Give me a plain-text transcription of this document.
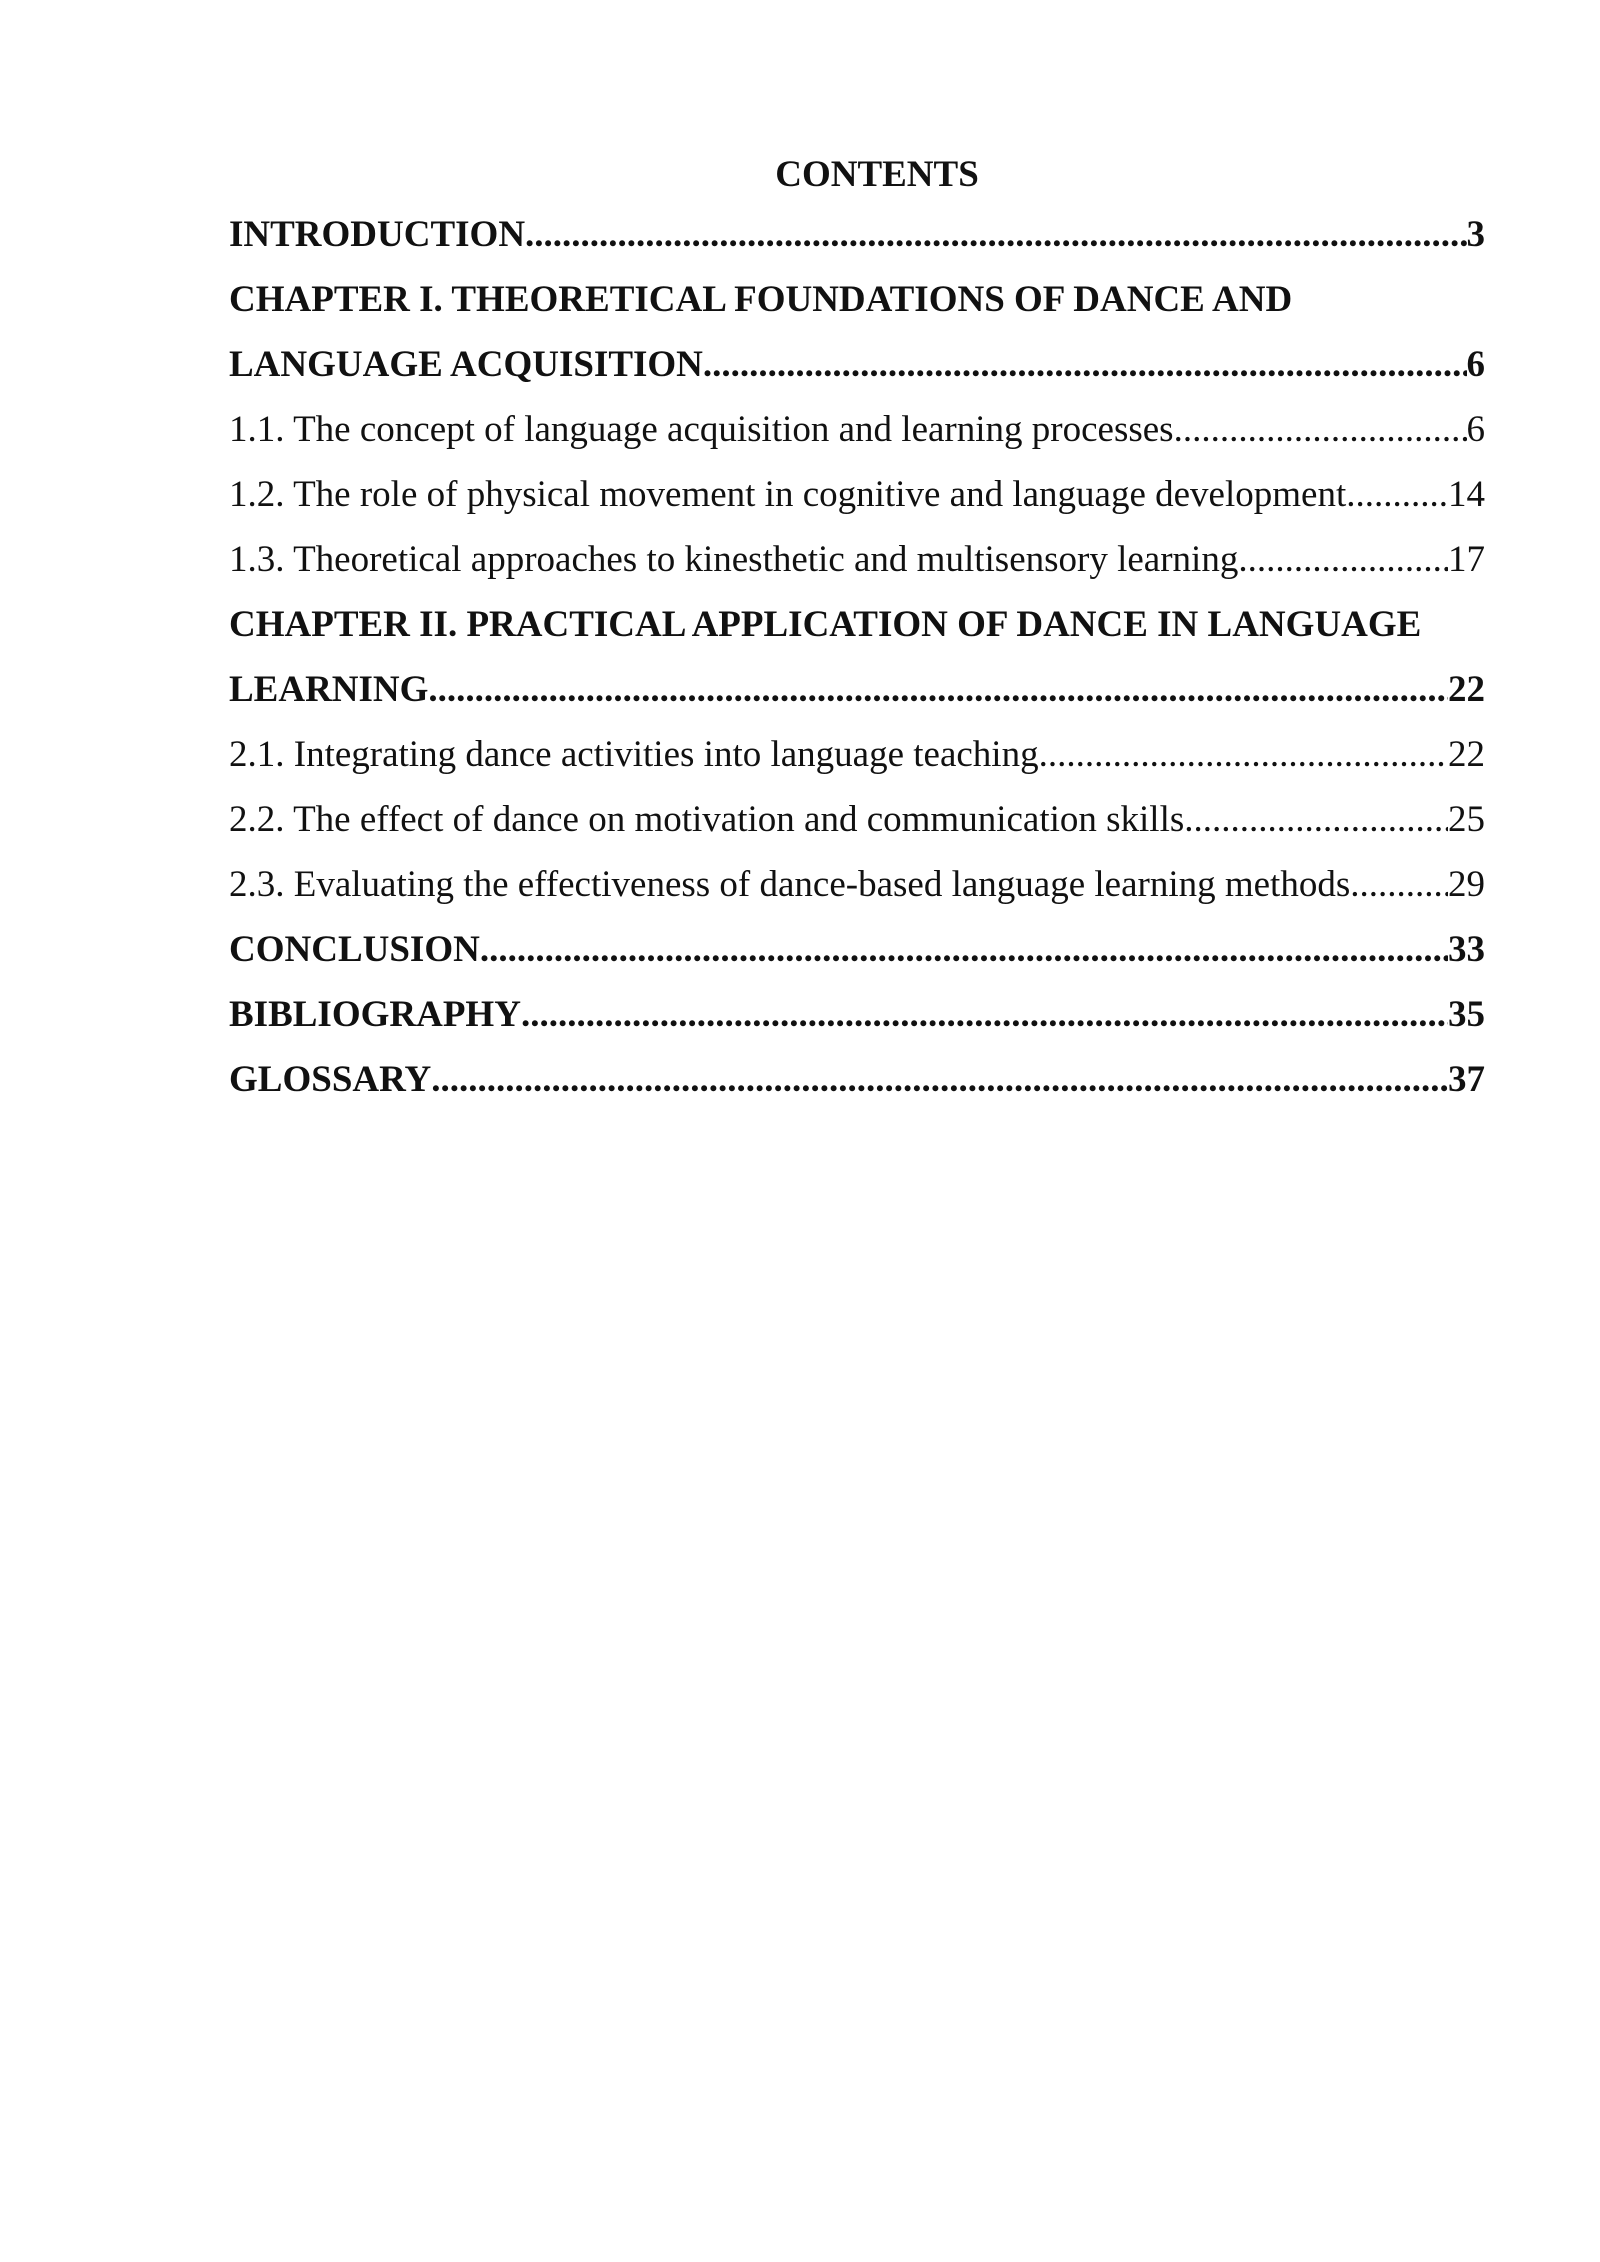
CONTENTS
INTRODUCTION .....	3
CHAPTER I. THEORETICAL FOUNDATIONS OF DANCE AND
LANGUAGE ACQUISITION .....	6
1.1. The concept of language acquisition and learning processes .....	6
1.2. The role of physical movement in cognitive and language development .....	14
1.3. Theoretical approaches to kinesthetic and multisensory learning .....	17
CHAPTER II. PRACTICAL APPLICATION OF DANCE IN LANGUAGE
LEARNING .....	22
2.1. Integrating dance activities into language teaching .....	22
2.2. The effect of dance on motivation and communication skills .....	25
2.3. Evaluating the effectiveness of dance-based language learning methods .....	29
CONCLUSION .....	33
BIBLIOGRAPHY .....	35
GLOSSARY .....	37
